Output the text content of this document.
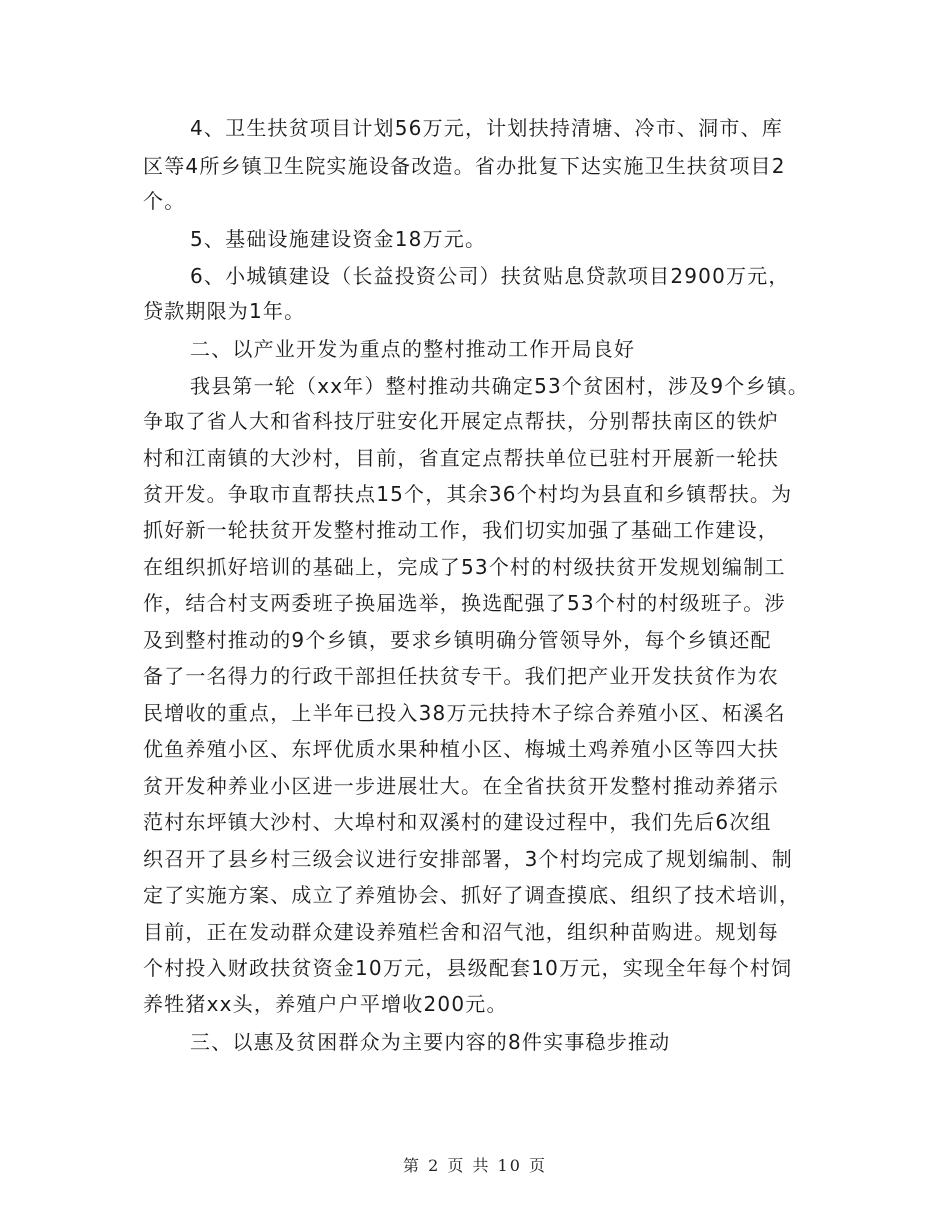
4、卫生扶贫项目计划56万元，计划扶持清塘、冷市、洞市、库
区等4所乡镇卫生院实施设备改造。省办批复下达实施卫生扶贫项目2
个。
5、基础设施建设资金18万元。
6、小城镇建设（长益投资公司）扶贫贴息贷款项目2900万元，
贷款期限为1年。
二、以产业开发为重点的整村推动工作开局良好
我县第一轮（xx年）整村推动共确定53个贫困村，涉及9个乡镇。
争取了省人大和省科技厅驻安化开展定点帮扶，分别帮扶南区的铁炉
村和江南镇的大沙村，目前，省直定点帮扶单位已驻村开展新一轮扶
贫开发。争取市直帮扶点15个，其余36个村均为县直和乡镇帮扶。为
抓好新一轮扶贫开发整村推动工作，我们切实加强了基础工作建设，
在组织抓好培训的基础上，完成了53个村的村级扶贫开发规划编制工
作，结合村支两委班子换届选举，换选配强了53个村的村级班子。涉
及到整村推动的9个乡镇，要求乡镇明确分管领导外，每个乡镇还配
备了一名得力的行政干部担任扶贫专干。我们把产业开发扶贫作为农
民增收的重点，上半年已投入38万元扶持木子综合养殖小区、柘溪名
优鱼养殖小区、东坪优质水果种植小区、梅城土鸡养殖小区等四大扶
贫开发种养业小区进一步进展壮大。在全省扶贫开发整村推动养猪示
范村东坪镇大沙村、大埠村和双溪村的建设过程中，我们先后6次组
织召开了县乡村三级会议进行安排部署，3个村均完成了规划编制、制
定了实施方案、成立了养殖协会、抓好了调查摸底、组织了技术培训，
目前，正在发动群众建设养殖栏舍和沼气池，组织种苗购进。规划每
个村投入财政扶贫资金10万元，县级配套10万元，实现全年每个村饲
养牲猪xx头，养殖户户平增收200元。
三、以惠及贫困群众为主要内容的8件实事稳步推动
第 2 页 共 10 页
